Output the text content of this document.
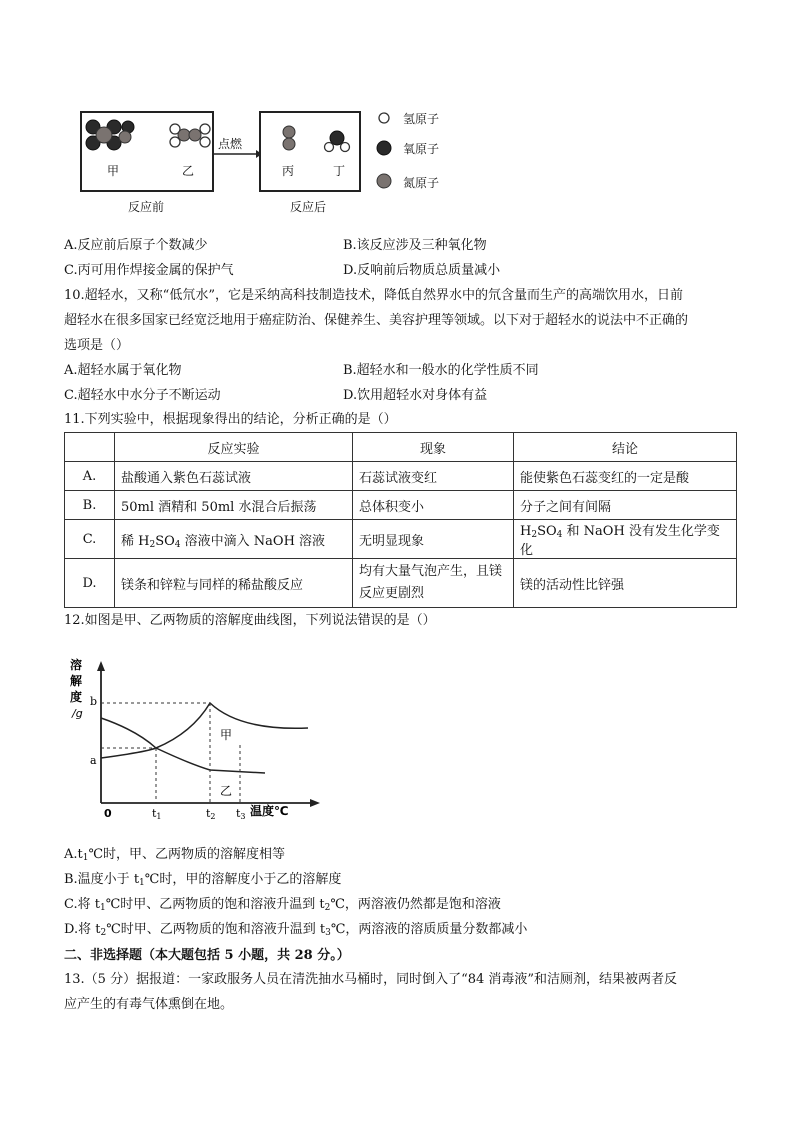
甲	乙
反应前
点燃
丙	丁
反应后
氢原子
氧原子
氮原子
A.反应前后原子个数减少	B.该反应涉及三种氧化物
C.丙可用作焊接金属的保护气	D.反响前后物质总质量减小
10.超轻水，又称“低氘水”，它是采纳高科技制造技术，降低自然界水中的氘含量而生产的高端饮用水，日前
超轻水在很多国家已经宽泛地用于癌症防治、保健养生、美容护理等领域。以下对于超轻水的说法中不正确的
选项是（）
A.超轻水属于氧化物	B.超轻水和一般水的化学性质不同
C.超轻水中水分子不断运动	D.饮用超轻水对身体有益
11.下列实验中，根据现象得出的结论，分析正确的是（）
	反应实验	现象	结论
A.	盐酸通入紫色石蕊试液	石蕊试液变红	能使紫色石蕊变红的一定是酸
B.	50ml 酒精和 50ml 水混合后振荡	总体积变小	分子之间有间隔
C.	稀 $H_2SO_4$ 溶液中滴入 NaOH 溶液	无明显现象	$H_2SO_4$ 和 NaOH 没有发生化学变化
D.	镁条和锌粒与同样的稀盐酸反应	均有大量气泡产生，且镁
反应更剧烈	镁的活动性比锌强
12.如图是甲、乙两物质的溶解度曲线图，下列说法错误的是（）
溶
解
度
/g
0	t1	t2 t3 温度℃
b
a
甲
乙
$A.t_1℃$时，甲、乙两物质的溶解度相等
B.温度小于 $t_1℃$时，甲的溶解度小于乙的溶解度
C.将 $t_1℃$时甲、乙两物质的饱和溶液升温到 $t_2℃$，两溶液仍然都是饱和溶液
D.将 $t_2℃$时甲、乙两物质的饱和溶液升温到 $t_3℃$，两溶液的溶质质量分数都减小
二、非选择题（本大题包括 5 小题，共 28 分。）
13.（5 分）据报道：一家政服务人员在清洗抽水马桶时，同时倒入了“84 消毒液”和洁厕剂，结果被两者反
应产生的有毒气体熏倒在地。
